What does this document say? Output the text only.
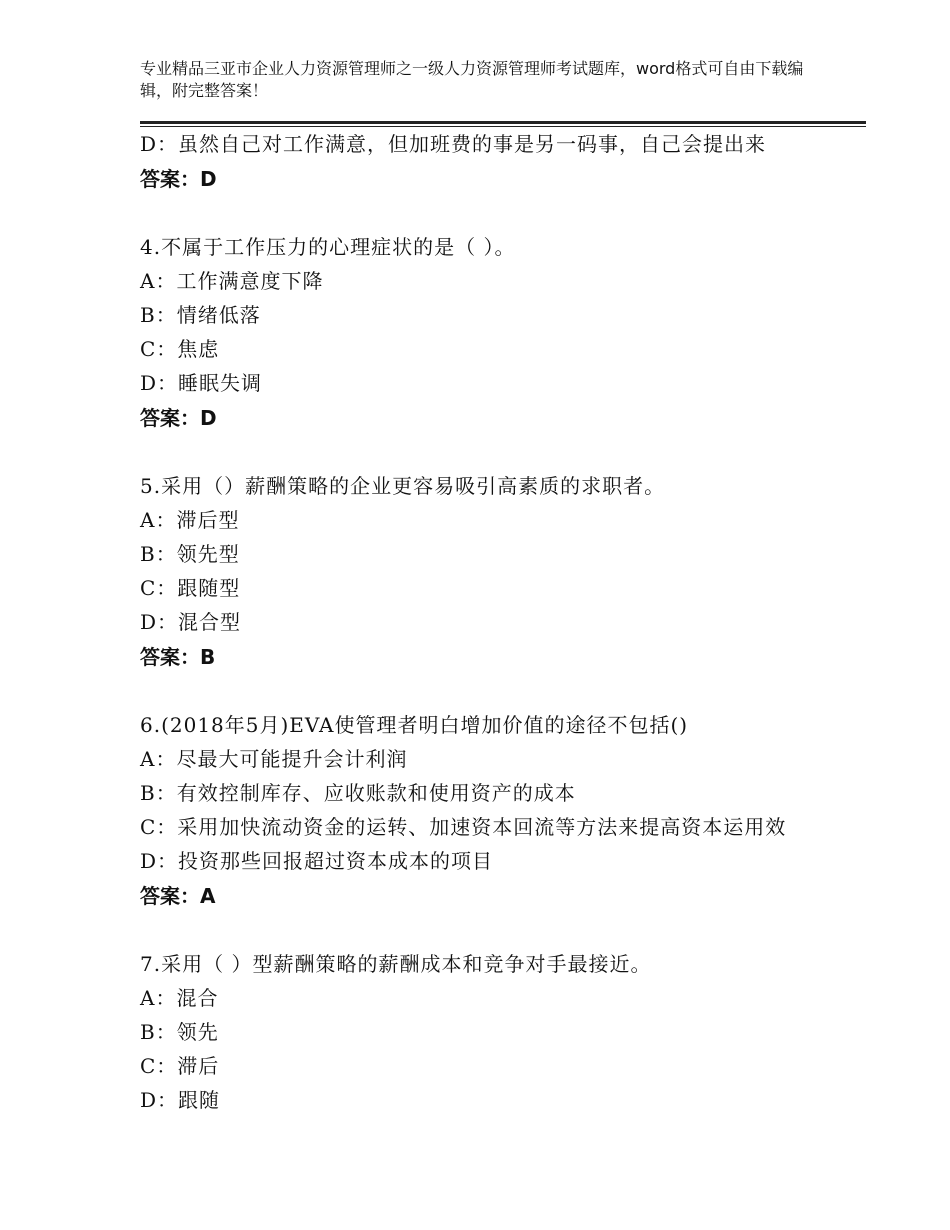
专业精品三亚市企业人力资源管理师之一级人力资源管理师考试题库，word格式可自由下载编辑，附完整答案！
D：虽然自己对工作满意，但加班费的事是另一码事，自己会提出来
答案：D
4.不属于工作压力的心理症状的是（ ）。
A：工作满意度下降
B：情绪低落
C：焦虑
D：睡眠失调
答案：D
5.采用（）薪酬策略的企业更容易吸引高素质的求职者。
A：滞后型
B：领先型
C：跟随型
D：混合型
答案：B
6.(2018年5月)EVA使管理者明白增加价值的途径不包括()
A：尽最大可能提升会计利润
B：有效控制库存、应收账款和使用资产的成本
C：采用加快流动资金的运转、加速资本回流等方法来提高资本运用效
D：投资那些回报超过资本成本的项目
答案：A
7.采用（ ）型薪酬策略的薪酬成本和竞争对手最接近。
A：混合
B：领先
C：滞后
D：跟随
